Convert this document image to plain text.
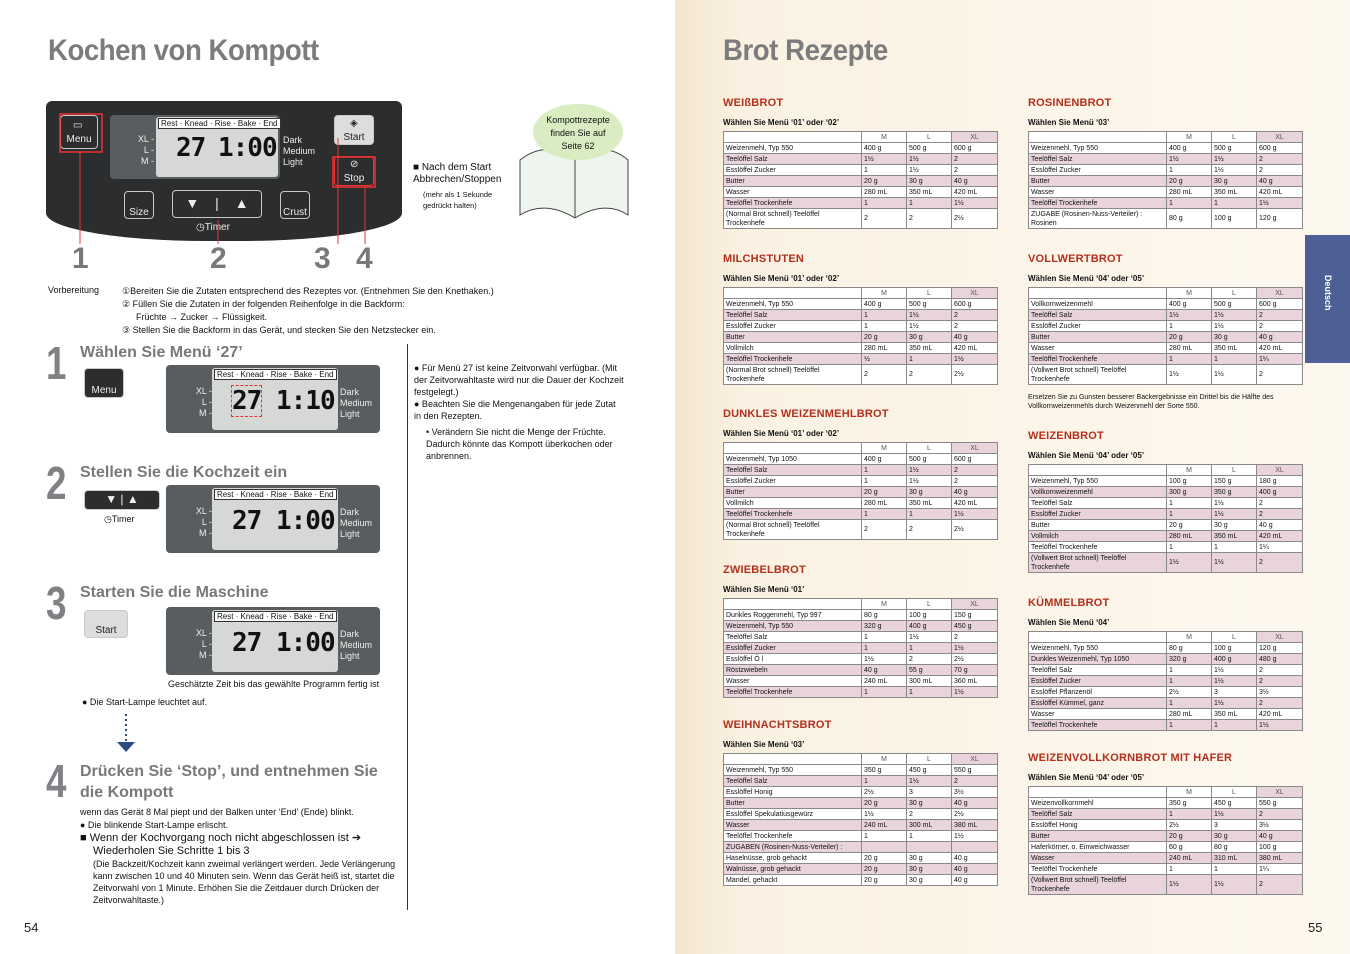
Kochen von Kompott
▭
Menu
Rest · Knead · Rise · Bake · End
27 1:00
XL -
L -
M -
Dark
Medium
Light
◈
Start
⊘
Stop
Size
▼ | ▲
Crust
◷Timer
1	2	3 4
Kompottrezepte finden Sie auf Seite 62
■ Nach dem Start Abbrechen/Stoppen
(mehr als 1 Sekunde gedrückt halten)
Vorbereitung	①Bereiten Sie die Zutaten entsprechend des Rezeptes vor. (Entnehmen Sie den Knethaken.)
② Füllen Sie die Zutaten in der folgenden Reihenfolge in die Backform:
Früchte → Zucker → Flüssigkeit.
③ Stellen Sie die Backform in das Gerät, und stecken Sie den Netzstecker ein.
1 Wählen Sie Menü ‘27’
Menu	XL -
L -
M -
Rest · Knead · Rise · Bake · End
27 1:10 Dark
Medium
Light
2 Stellen Sie die Kochzeit ein
▼ | ▲
◷Timer
XL -
L -
M -
Rest · Knead · Rise · Bake · End
27 1:00 Dark
Medium
Light
3 Starten Sie die Maschine
Start	XL -
L -
M -
Rest · Knead · Rise · Bake · End
27 1:00 Dark
Medium
Light
Geschätzte Zeit bis das gewählte Programm fertig ist
● Die Start-Lampe leuchtet auf.
4 Drücken Sie ‘Stop’, und entnehmen Sie die Kompott
wenn das Gerät 8 Mal piept und der Balken unter ‘End’ (Ende) blinkt.
● Die blinkende Start-Lampe erlischt.
■ Wenn der Kochvorgang noch nicht abgeschlossen ist ➔
Wiederholen Sie Schritte 1 bis 3
(Die Backzeit/Kochzeit kann zweimal verlängert werden. Jede Verlängerung kann zwischen 10 und 40 Minuten sein. Wenn das Gerät heiß ist, startet die Zeitvorwahl von 1 Minute. Erhöhen Sie die Zeitdauer durch Drücken der Zeitvorwahltaste.)
● Für Menü 27 ist keine Zeitvorwahl verfügbar. (Mit der Zeitvorwahltaste wird nur die Dauer der Kochzeit festgelegt.)
● Beachten Sie die Mengenangaben für jede Zutat in den Rezepten.
• Verändern Sie nicht die Menge der Früchte. Dadurch könnte das Kompott überkochen oder anbrennen.
54
Brot Rezepte
WEIßBROT
Wählen Sie Menü ‘01’ oder ‘02’
	M	L	XL
Weizenmehl, Typ 550	400 g	500 g	600 g
Teelöffel Salz	1½	1½	2
Esslöffel Zucker	1	1½	2
Butter	20 g	30 g	40 g
Wasser	280 mL	350 mL	420 mL
Teelöffel Trockenhefe	1	1	1½
(Normal Brot schnell) Teelöffel Trockenhefe	2	2	2½
MILCHSTUTEN
Wählen Sie Menü ‘01’ oder ‘02’
	M	L	XL
Weizenmehl, Typ 550	400 g	500 g	600 g
Teelöffel Salz	1	1½	2
Esslöffel Zucker	1	1½	2
Butter	20 g	30 g	40 g
Vollmilch	280 mL	350 mL	420 mL
Teelöffel Trockenhefe	½	1	1½
(Normal Brot schnell) Teelöffel Trockenhefe	2	2	2½
DUNKLES WEIZENMEHLBROT
Wählen Sie Menü ‘01’ oder ‘02’
	M	L	XL
Weizenmehl, Typ 1050	400 g	500 g	600 g
Teelöffel Salz	1	1½	2
Esslöffel Zucker	1	1½	2
Butter	20 g	30 g	40 g
Vollmilch	280 mL	350 mL	420 mL
Teelöffel Trockenhefe	1	1	1½
(Normal Brot schnell) Teelöffel Trockenhefe	2	2	2½
ZWIEBELBROT
Wählen Sie Menü ‘01’
	M	L	XL
Dunkles Roggenmehl, Typ 997	80 g	100 g	150 g
Weizenmehl, Typ 550	320 g	400 g	450 g
Teelöffel Salz	1	1½	2
Esslöffel Zucker	1	1	1½
Esslöffel Ö l	1½	2	2½
Röstzwiebeln	40 g	55 g	70 g
Wasser	240 mL	300 mL	360 mL
Teelöffel Trockenhefe	1	1	1½
WEIHNACHTSBROT
Wählen Sie Menü ‘03’
	M	L	XL
Weizenmehl, Typ 550	350 g	450 g	550 g
Teelöffel Salz	1	1½	2
Esslöffel Honig	2½	3	3½
Butter	20 g	30 g	40 g
Esslöffel Spekulatiusgewürz	1½	2	2½
Wasser	240 mL	300 mL	380 mL
Teelöffel Trockenhefe	1	1	1½
ZUGABEN (Rosinen-Nuss-Verteiler) :			
Haselnüsse, grob gehackt	20 g	30 g	40 g
Walnüsse, grob gehackt	20 g	30 g	40 g
Mandel, gehackt	20 g	30 g	40 g
ROSINENBROT
Wählen Sie Menü ‘03’
	M	L	XL
Weizenmehl, Typ 550	400 g	500 g	600 g
Teelöffel Salz	1½	1½	2
Esslöffel Zucker	1	1½	2
Butter	20 g	30 g	40 g
Wasser	280 mL	350 mL	420 mL
Teelöffel Trockenhefe	1	1	1½
ZUGABE (Rosinen-Nuss-Verteiler) : Rosinen	80 g	100 g	120 g
VOLLWERTBROT
Wählen Sie Menü ‘04’ oder ‘05’
	M	L	XL
Vollkornweizenmehl	400 g	500 g	600 g
Teelöffel Salz	1½	1½	2
Esslöffel Zucker	1	1½	2
Butter	20 g	30 g	40 g
Wasser	280 mL	350 mL	420 mL
Teelöffel Trockenhefe	1	1	1¼
(Vollwert Brot schnell) Teelöffel Trockenhefe	1½	1½	2
WEIZENBROT
Wählen Sie Menü ‘04’ oder ‘05’
	M	L	XL
Weizenmehl, Typ 550	100 g	150 g	180 g
Vollkornweizenmehl	300 g	350 g	400 g
Teelöffel Salz	1	1½	2
Esslöffel Zucker	1	1½	2
Butter	20 g	30 g	40 g
Vollmilch	280 mL	350 mL	420 mL
Teelöffel Trockenhefe	1	1	1¼
(Vollwert Brot schnell) Teelöffel Trockenhefe	1½	1½	2
KÜMMELBROT
Wählen Sie Menü ‘04’
	M	L	XL
Weizenmehl, Typ 550	80 g	100 g	120 g
Dunkles Weizenmehl, Typ 1050	320 g	400 g	480 g
Teelöffel Salz	1	1½	2
Esslöffel Zucker	1	1½	2
Esslöffel Pflanzenöl	2½	3	3½
Esslöffel Kümmel, ganz	1	1½	2
Wasser	280 mL	350 mL	420 mL
Teelöffel Trockenhefe	1	1	1½
WEIZENVOLLKORNBROT MIT HAFER
Wählen Sie Menü ‘04’ oder ‘05’
	M	L	XL
Weizenvollkornmehl	350 g	450 g	550 g
Teelöffel Salz	1	1½	2
Esslöffel Honig	2½	3	3½
Butter	20 g	30 g	40 g
Haferkörner, o. Einweichwasser	60 g	80 g	100 g
Wasser	240 mL	310 mL	380 mL
Teelöffel Trockenhefe	1	1	1¼
(Vollwert Brot schnell) Teelöffel Trockenhefe	1½	1½	2
Ersetzen Sie zu Gunsten besserer Backergebnisse ein Drittel bis die Hälfte des Vollkornweizenmehls durch Weizenmehl der Sorte 550.
Deutsch
55
